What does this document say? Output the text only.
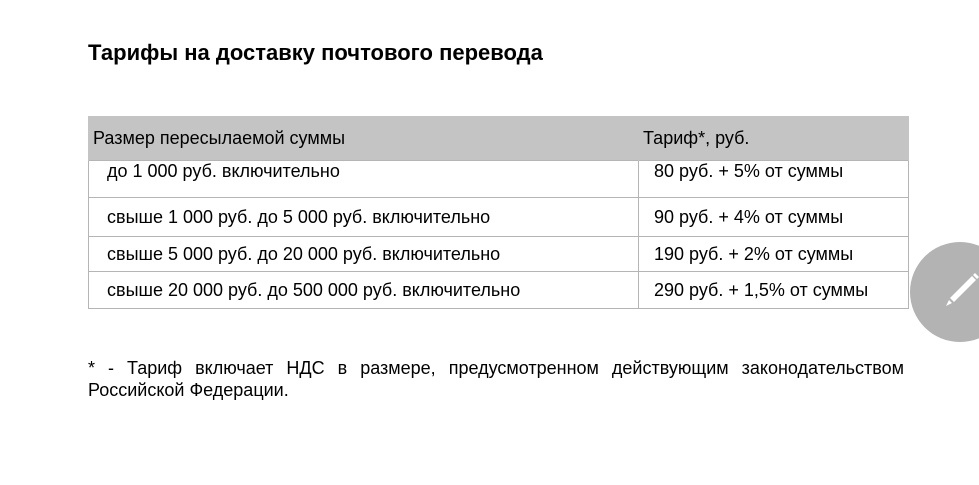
Тарифы на доставку почтового перевода
Размер пересылаемой суммы	Тариф*, руб.

до 1 000 руб. включительно	80 руб. + 5% от суммы

свыше 1 000 руб. до 5 000 руб. включительно	90 руб. + 4% от суммы

свыше 5 000 руб. до 20 000 руб. включительно	190 руб. + 2% от суммы

свыше 20 000 руб. до 500 000 руб. включительно	290 руб. + 1,5% от суммы

* - Тариф включает НДС в размере, предусмотренном действующим законодательством Российской Федерации.
